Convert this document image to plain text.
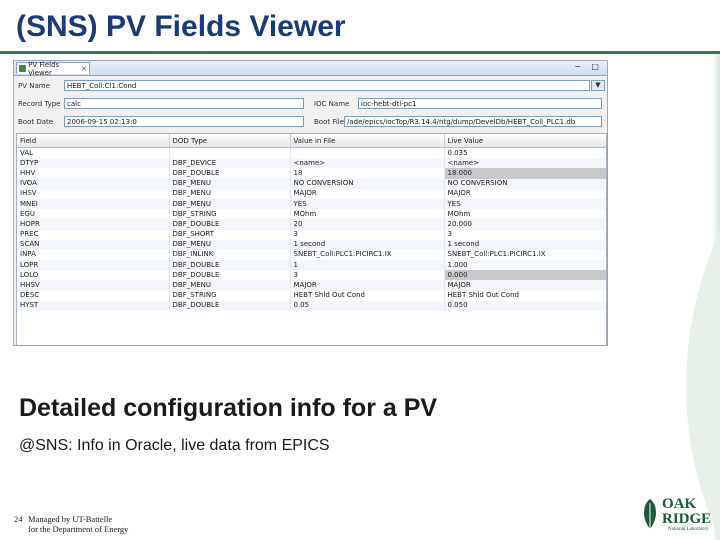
(SNS) PV Fields Viewer
PV Fields Viewer	✕	− □
PV Name	HEBT_Coll:Cl1:Cond	▼
Record Type calc	IOC Name	ioc-hebt-dtl-pc1
Boot Date	2006-09-15 02:13:0	Boot File /ade/epics/iocTop/R3.14.4/ntg/dump/DevelDb/HEBT_Coll_PLC1.db
Field	DOD Type	Value in File	Live Value
VAL			0.035
DTYP	DBF_DEVICE	<name>	<name>
HHV	DBF_DOUBLE	18	18.000
IVOA	DBF_MENU	NO CONVERSION	NO CONVERSION
IHSV	DBF_MENU	MAJOR	MAJOR
MNEI	DBF_MENU	YES	YES
EGU	DBF_STRING	MOhm	MOhm
HOPR	DBF_DOUBLE	20	20.000
PREC	DBF_SHORT	3	3
SCAN	DBF_MENU	1 second	1 second
INPA	DBF_INLINK	SNEBT_Coll:PLC1:PICIRC1.IX	SNEBT_Coll:PLC1:PICIRC1.IX
LOPR	DBF_DOUBLE	1	1.000
LOLO	DBF_DOUBLE	3	0.000
HHSV	DBF_MENU	MAJOR	MAJOR
DESC	DBF_STRING	HEBT Shld Out Cond	HEBT Shld Out Cond
HYST	DBF_DOUBLE	0.05	0.050
Detailed configuration info for a PV
@SNS: Info in Oracle, live data from EPICS
24 Managed by UT-Battelle
for the Department of Energy
OAK
RIDGE
National Laboratory
